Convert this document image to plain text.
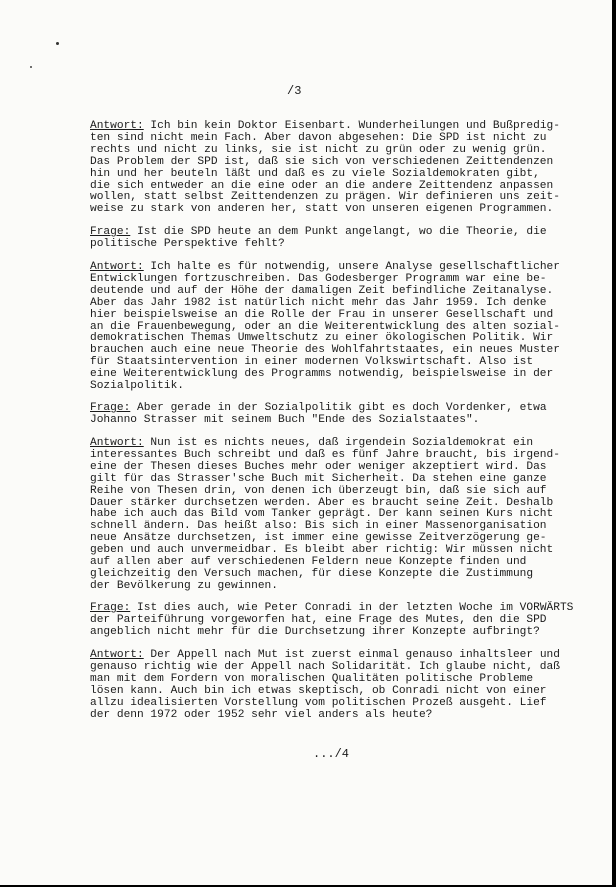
/3
Antwort: Ich bin kein Doktor Eisenbart. Wunderheilungen und Bußpredig-
ten sind nicht mein Fach. Aber davon abgesehen: Die SPD ist nicht zu
rechts und nicht zu links, sie ist nicht zu grün oder zu wenig grün.
Das Problem der SPD ist, daß sie sich von verschiedenen Zeittendenzen
hin und her beuteln läßt und daß es zu viele Sozialdemokraten gibt,
die sich entweder an die eine oder an die andere Zeittendenz anpassen
wollen, statt selbst Zeittendenzen zu prägen. Wir definieren uns zeit-
weise zu stark von anderen her, statt von unseren eigenen Programmen.
Frage: Ist die SPD heute an dem Punkt angelangt, wo die Theorie, die
politische Perspektive fehlt?
Antwort: Ich halte es für notwendig, unsere Analyse gesellschaftlicher
Entwicklungen fortzuschreiben. Das Godesberger Programm war eine be-
deutende und auf der Höhe der damaligen Zeit befindliche Zeitanalyse.
Aber das Jahr 1982 ist natürlich nicht mehr das Jahr 1959. Ich denke
hier beispielsweise an die Rolle der Frau in unserer Gesellschaft und
an die Frauenbewegung, oder an die Weiterentwicklung des alten sozial-
demokratischen Themas Umweltschutz zu einer ökologischen Politik. Wir
brauchen auch eine neue Theorie des Wohlfahrtstaates, ein neues Muster
für Staatsintervention in einer modernen Volkswirtschaft. Also ist
eine Weiterentwicklung des Programms notwendig, beispielsweise in der
Sozialpolitik.
Frage: Aber gerade in der Sozialpolitik gibt es doch Vordenker, etwa
Johanno Strasser mit seinem Buch "Ende des Sozialstaates".
Antwort: Nun ist es nichts neues, daß irgendein Sozialdemokrat ein
interessantes Buch schreibt und daß es fünf Jahre braucht, bis irgend-
eine der Thesen dieses Buches mehr oder weniger akzeptiert wird. Das
gilt für das Strasser'sche Buch mit Sicherheit. Da stehen eine ganze
Reihe von Thesen drin, von denen ich überzeugt bin, daß sie sich auf
Dauer stärker durchsetzen werden. Aber es braucht seine Zeit. Deshalb
habe ich auch das Bild vom Tanker geprägt. Der kann seinen Kurs nicht
schnell ändern. Das heißt also: Bis sich in einer Massenorganisation
neue Ansätze durchsetzen, ist immer eine gewisse Zeitverzögerung ge-
geben und auch unvermeidbar. Es bleibt aber richtig: Wir müssen nicht
auf allen aber auf verschiedenen Feldern neue Konzepte finden und
gleichzeitig den Versuch machen, für diese Konzepte die Zustimmung
der Bevölkerung zu gewinnen.
Frage: Ist dies auch, wie Peter Conradi in der letzten Woche im VORWÄRTS
der Parteiführung vorgeworfen hat, eine Frage des Mutes, den die SPD
angeblich nicht mehr für die Durchsetzung ihrer Konzepte aufbringt?
Antwort: Der Appell nach Mut ist zuerst einmal genauso inhaltsleer und
genauso richtig wie der Appell nach Solidarität. Ich glaube nicht, daß
man mit dem Fordern von moralischen Qualitäten politische Probleme
lösen kann. Auch bin ich etwas skeptisch, ob Conradi nicht von einer
allzu idealisierten Vorstellung vom politischen Prozeß ausgeht. Lief
der denn 1972 oder 1952 sehr viel anders als heute?
.../4
